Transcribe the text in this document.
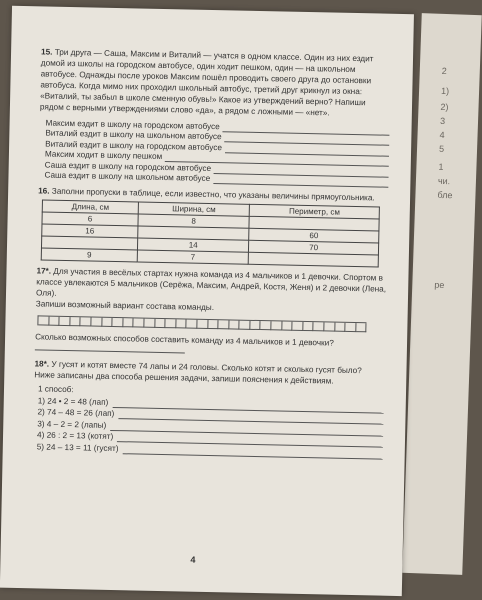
2
1)
2)
3
4
5
1
чи.
бле
ре
15. Три друга — Саша, Максим и Виталий — учатся в одном классе. Один из них ездит домой из школы на городском автобусе, один ходит пешком, один — на школьном автобусе. Однажды после уроков Максим пошёл проводить своего друга до остановки автобуса. Когда мимо них проходил школьный автобус, третий друг крикнул из окна: «Виталий, ты забыл в школе сменную обувь!» Какое из утверждений верно? Напиши рядом с верными утверждениями слово «да», а рядом с ложными — «нет».
Максим ездит в школу на городском автобусе
Виталий ездит в школу на школьном автобусе
Виталий ездит в школу на городском автобусе
Максим ходит в школу пешком
Саша ездит в школу на городском автобусе
Саша ездит в школу на школьном автобусе
16. Заполни пропуски в таблице, если известно, что указаны величины прямоугольника.
Длина, см	Ширина, см	Периметр, см
6	8	
16		60
	14	70
9	7	
17*. Для участия в весёлых стартах нужна команда из 4 мальчиков и 1 девочки. Спортом в классе увлекаются 5 мальчиков (Серёжа, Максим, Андрей, Костя, Женя) и 2 девочки (Лена, Оля).
Запиши возможный вариант состава команды.
Сколько возможных способов составить команду из 4 мальчиков и 1 девочки?
18*. У гусят и котят вместе 74 лапы и 24 головы. Сколько котят и сколько гусят было? Ниже записаны два способа решения задачи, запиши пояснения к действиям.
1 способ:
1) 24 • 2 = 48 (лап)
2) 74 – 48 = 26 (лап)
3) 4 – 2 = 2 (лапы)
4) 26 : 2 = 13 (котят)
5) 24 – 13 = 11 (гусят)
4
